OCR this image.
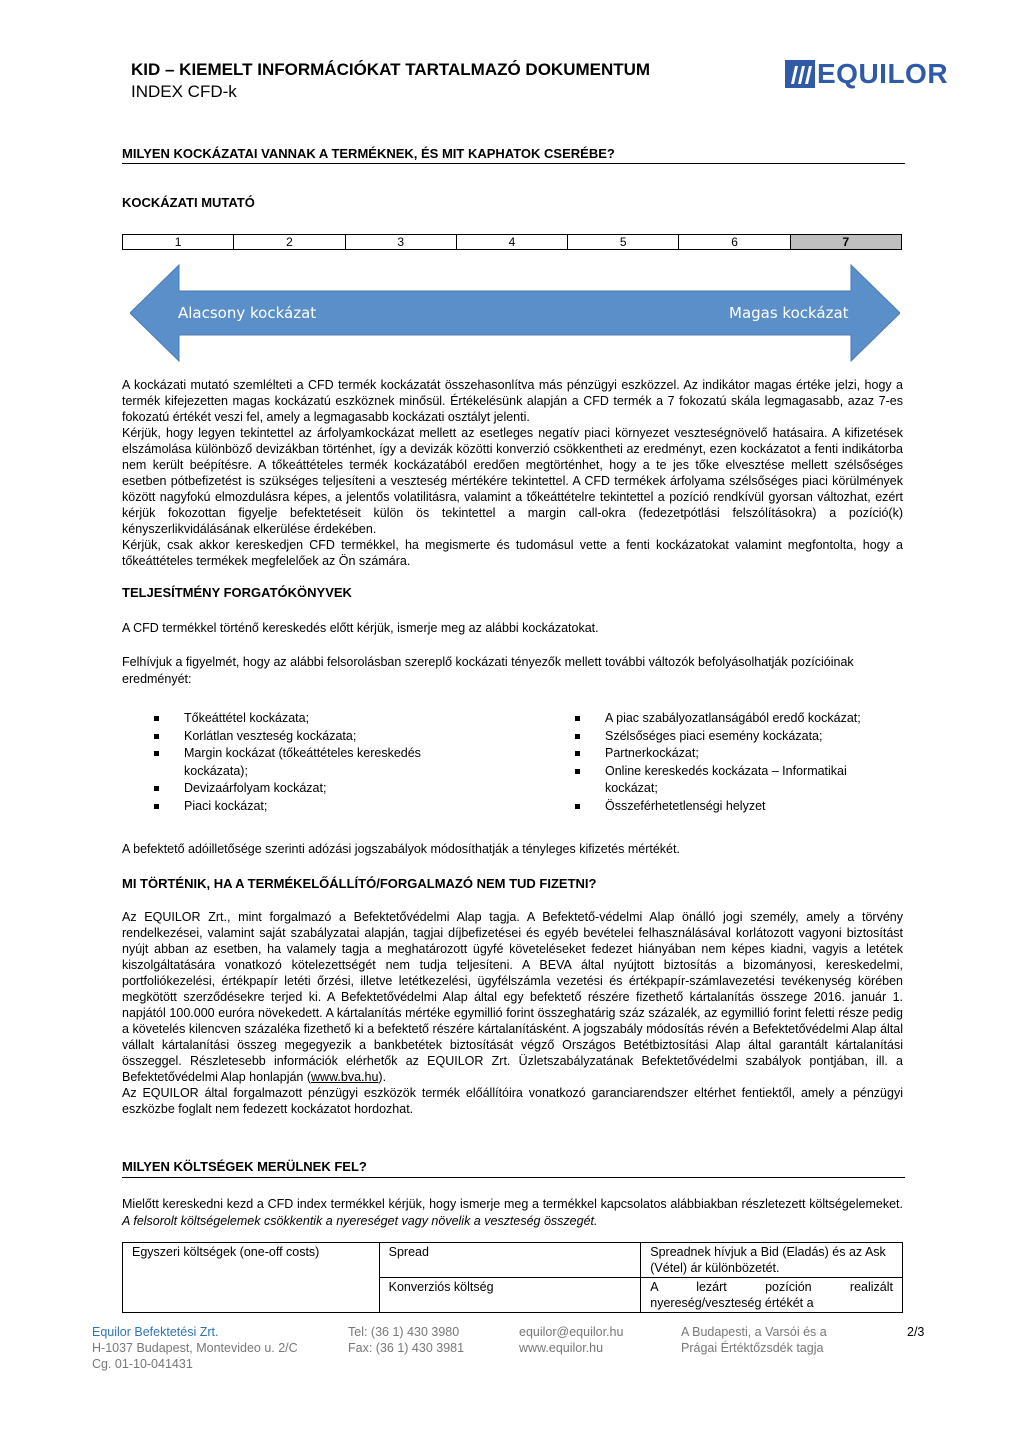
KID – KIEMELT INFORMÁCIÓKAT TARTALMAZÓ DOKUMENTUM
INDEX CFD-k
EQUILOR
MILYEN KOCKÁZATAI VANNAK A TERMÉKNEK, ÉS MIT KAPHATOK CSERÉBE?
KOCKÁZATI MUTATÓ
1	2	3	4	5	6	7
Alacsony kockázat	Magas kockázat
A kockázati mutató szemlélteti a CFD termék kockázatát összehasonlítva más pénzügyi eszközzel. Az indikátor magas értéke jelzi, hogy a termék kifejezetten magas kockázatú eszköznek minősül. Értékelésünk alapján a CFD termék a 7 fokozatú skála legmagasabb, azaz 7-es fokozatú értékét veszi fel, amely a legmagasabb kockázati osztályt jelenti.
Kérjük, hogy legyen tekintettel az árfolyamkockázat mellett az esetleges negatív piaci környezet veszteségnövelő hatásaira. A kifizetések elszámolása különböző devizákban történhet, így a devizák közötti konverzió csökkentheti az eredményt, ezen kockázatot a fenti indikátorba nem került beépítésre. A tőkeáttételes termék kockázatából eredően megtörténhet, hogy a te jes tőke elvesztése mellett szélsőséges esetben pótbefizetést is szükséges teljesíteni a veszteség mértékére tekintettel. A CFD termékek árfolyama szélsőséges piaci körülmények között nagyfokú elmozdulásra képes, a jelentős volatilitásra, valamint a tőkeáttételre tekintettel a pozíció rendkívül gyorsan változhat, ezért kérjük fokozottan figyelje befektetéseit külön ös tekintettel a margin call-okra (fedezetpótlási felszólításokra) a pozíció(k) kényszerlikvidálásának elkerülése érdekében.
Kérjük, csak akkor kereskedjen CFD termékkel, ha megismerte és tudomásul vette a fenti kockázatokat valamint megfontolta, hogy a tőkeáttételes termékek megfelelőek az Ön számára.
TELJESÍTMÉNY FORGATÓKÖNYVEK
A CFD termékkel történő kereskedés előtt kérjük, ismerje meg az alábbi kockázatokat.
Felhívjuk a figyelmét, hogy az alábbi felsorolásban szereplő kockázati tényezők mellett további változók befolyásolhatják pozícióinak eredményét:
Tőkeáttétel kockázata;
Korlátlan veszteség kockázata;
Margin kockázat (tőkeáttételes kereskedés kockázata);
Devizaárfolyam kockázat;
Piaci kockázat;
A piac szabályozatlanságából eredő kockázat;
Szélsőséges piaci esemény kockázata;
Partnerkockázat;
Online kereskedés kockázata – Informatikai kockázat;
Összeférhetetlenségi helyzet
A befektető adóilletősége szerinti adózási jogszabályok módosíthatják a tényleges kifizetés mértékét.
MI TÖRTÉNIK, HA A TERMÉKELŐÁLLÍTÓ/FORGALMAZÓ NEM TUD FIZETNI?
Az EQUILOR Zrt., mint forgalmazó a Befektetővédelmi Alap tagja. A Befektető-védelmi Alap önálló jogi személy, amely a törvény rendelkezései, valamint saját szabályzatai alapján, tagjai díjbefizetései és egyéb bevételei felhasználásával korlátozott vagyoni biztosítást nyújt abban az esetben, ha valamely tagja a meghatározott ügyfé követeléseket fedezet hiányában nem képes kiadni, vagyis a letétek kiszolgáltatására vonatkozó kötelezettségét nem tudja teljesíteni. A BEVA által nyújtott biztosítás a bizományosi, kereskedelmi, portfoliókezelési, értékpapír letéti őrzési, illetve letétkezelési, ügyfélszámla vezetési és értékpapír-számlavezetési tevékenység körében megkötött szerződésekre terjed ki. A Befektetővédelmi Alap által egy befektető részére fizethető kártalanítás összege 2016. január 1. napjától 100.000 euróra növekedett. A kártalanítás mértéke egymillió forint összeghatárig száz százalék, az egymillió forint feletti része pedig a követelés kilencven százaléka fizethető ki a befektető részére kártalanításként. A jogszabály módosítás révén a Befektetővédelmi Alap által vállalt kártalanítási összeg megegyezik a bankbetétek biztosítását végző Országos Betétbiztosítási Alap által garantált kártalanítási összeggel. Részletesebb információk elérhetők az EQUILOR Zrt. Üzletszabályzatának Befektetővédelmi szabályok pontjában, ill. a Befektetővédelmi Alap honlapján (www.bva.hu).
Az EQUILOR által forgalmazott pénzügyi eszközök termék előállítóira vonatkozó garanciarendszer eltérhet fentiektől, amely a pénzügyi eszközbe foglalt nem fedezett kockázatot hordozhat.
MILYEN KÖLTSÉGEK MERÜLNEK FEL?
Mielőtt kereskedni kezd a CFD index termékkel kérjük, hogy ismerje meg a termékkel kapcsolatos alábbiakban részletezett költségelemeket. A felsorolt költségelemek csökkentik a nyereséget vagy növelik a veszteség összegét.
Egyszeri költségek (one-off costs)	Spread	Spreadnek hívjuk a Bid (Eladás) és az Ask (Vétel) ár különbözetét.
	Konverziós költség	A lezárt pozíción realizált nyereség/veszteség értékét a
Equilor Befektetési Zrt.
H-1037 Budapest, Montevideo u. 2/C
Cg. 01-10-041431
Tel: (36 1) 430 3980
Fax: (36 1) 430 3981
equilor@equilor.hu
www.equilor.hu
A Budapesti, a Varsói és a
Prágai Értéktőzsdék tagja
2/3
